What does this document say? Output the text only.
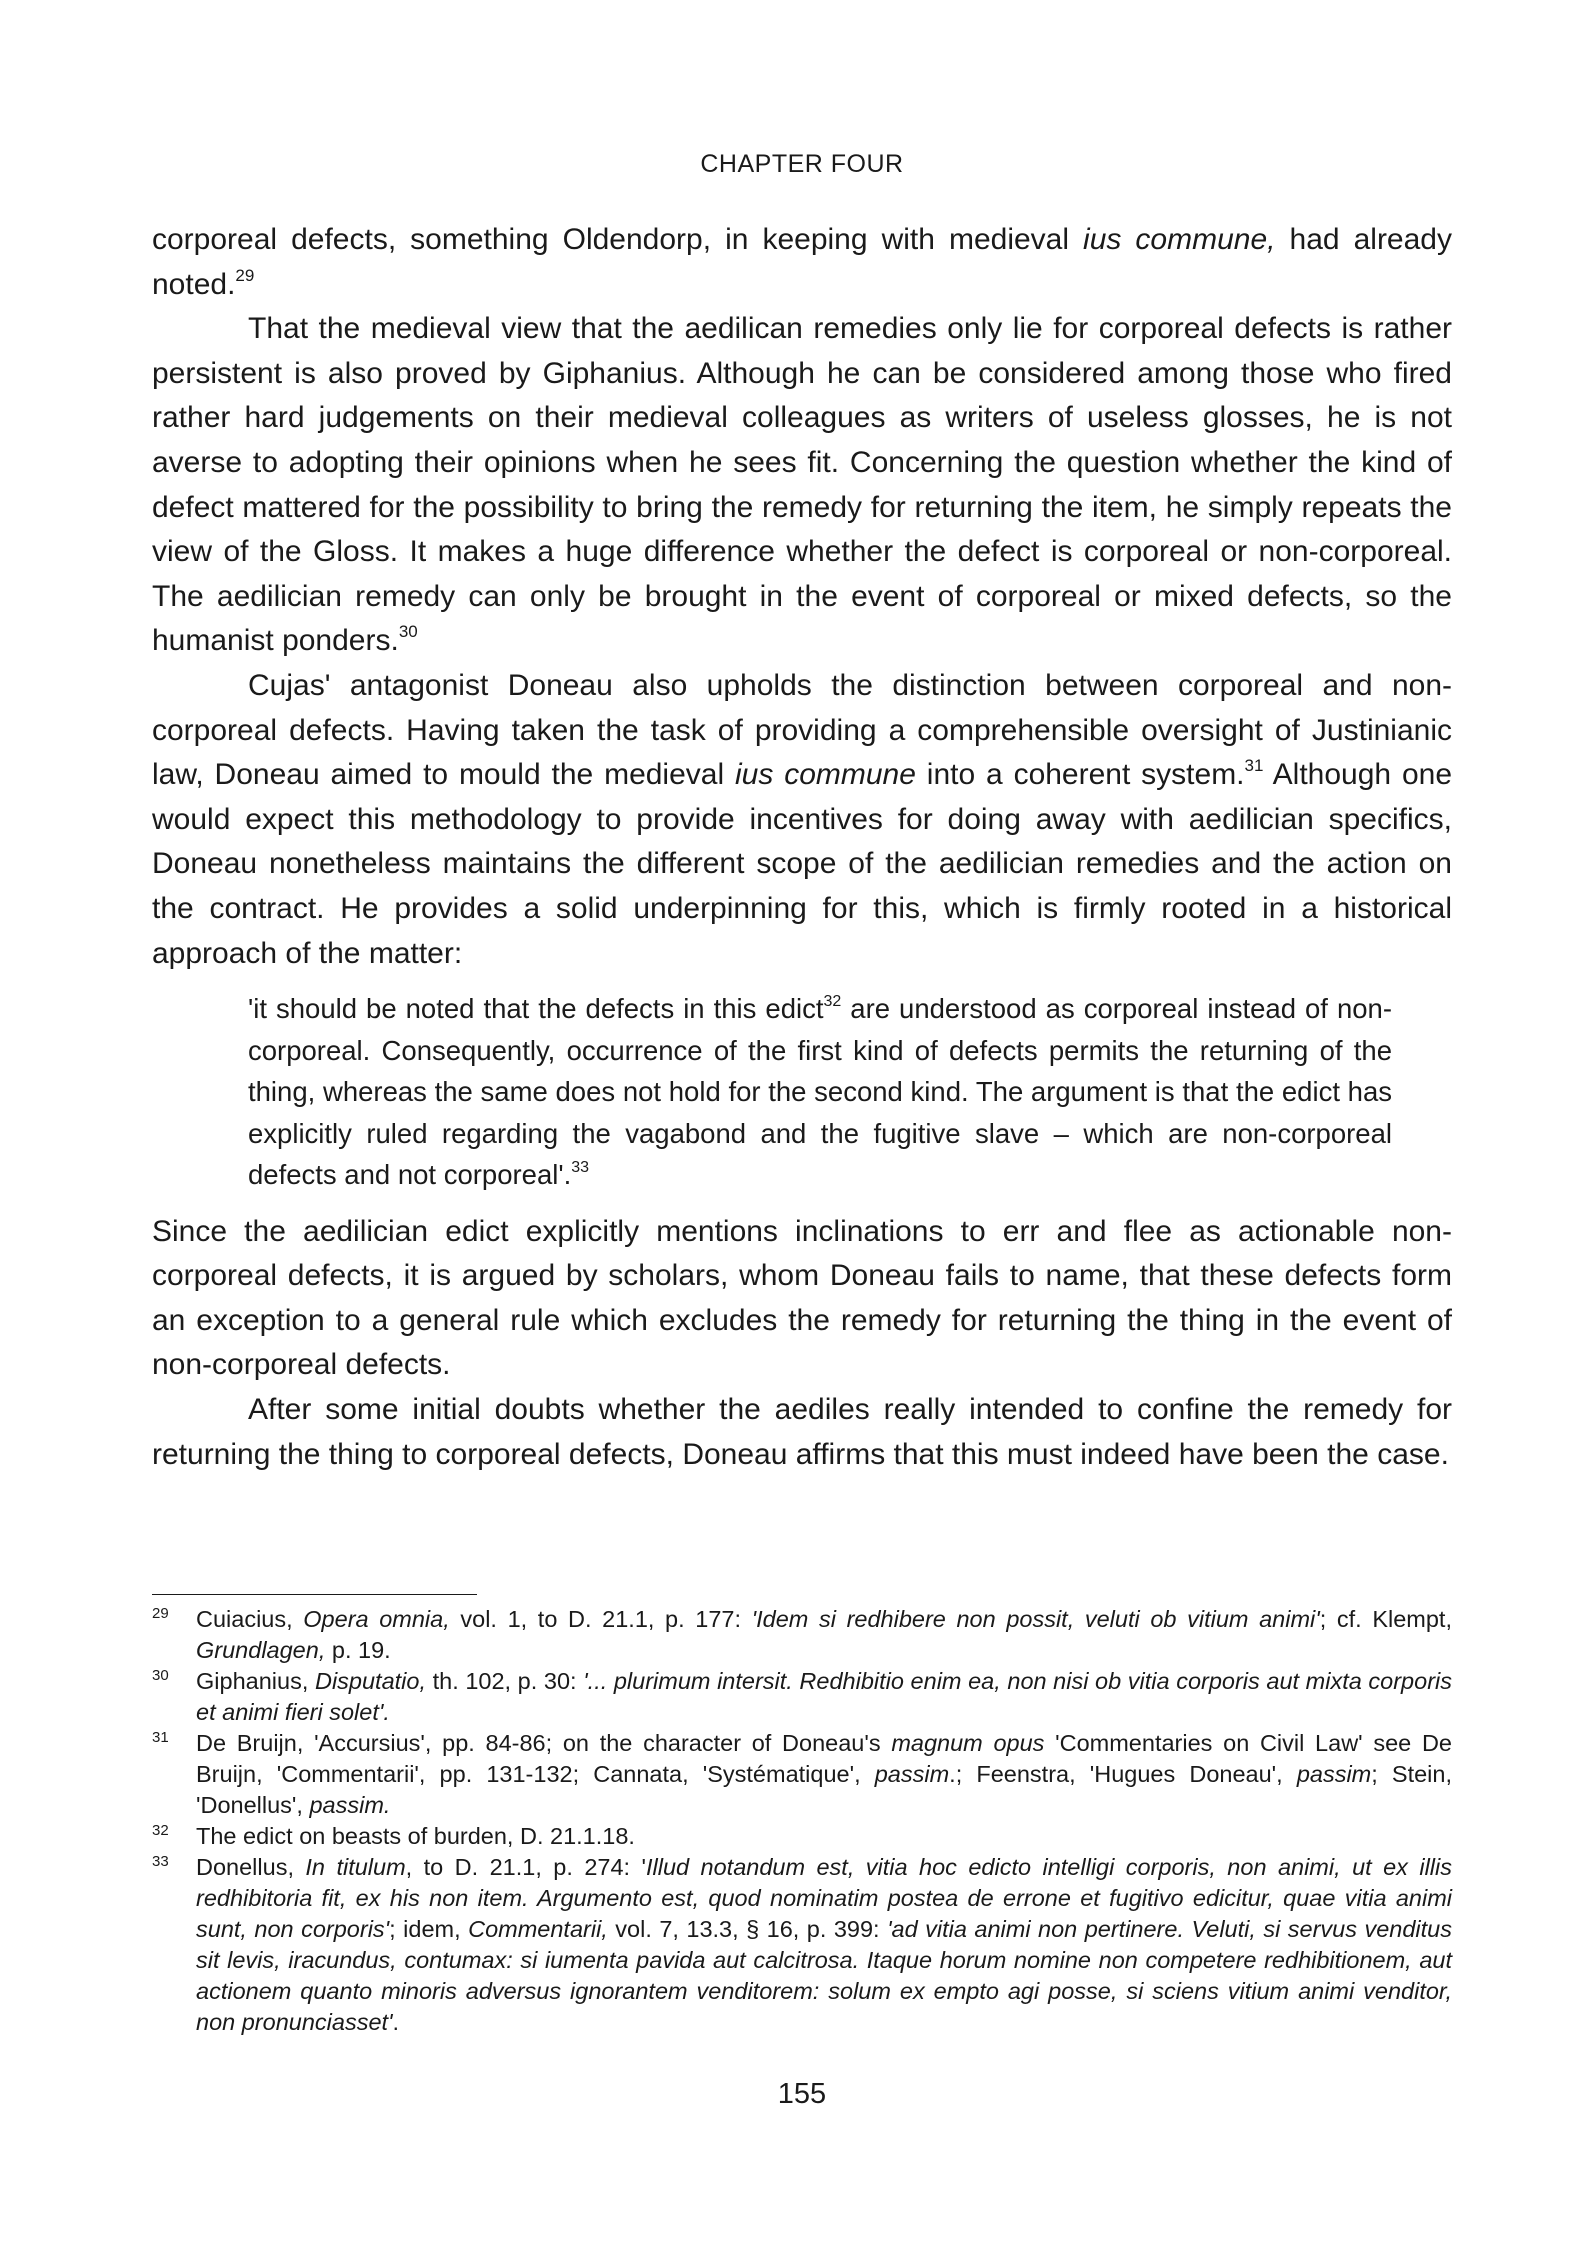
CHAPTER FOUR

corporeal defects, something Oldendorp, in keeping with medieval ius commune, had already noted.$^{29}$

That the medieval view that the aedilican remedies only lie for corporeal defects is rather persistent is also proved by Giphanius. Although he can be considered among those who fired rather hard judgements on their medieval colleagues as writers of useless glosses, he is not averse to adopting their opinions when he sees fit. Concerning the question whether the kind of defect mattered for the possibility to bring the remedy for returning the item, he simply repeats the view of the Gloss. It makes a huge difference whether the defect is corporeal or non-corporeal. The aedilician remedy can only be brought in the event of corporeal or mixed defects, so the humanist ponders.$^{30}$

Cujas' antagonist Doneau also upholds the distinction between corporeal and non-corporeal defects. Having taken the task of providing a comprehensible oversight of Justinianic law, Doneau aimed to mould the medieval ius commune into a coherent system.$^{31}$ Although one would expect this methodology to provide incentives for doing away with aedilician specifics, Doneau nonetheless maintains the different scope of the aedilician remedies and the action on the contract. He provides a solid underpinning for this, which is firmly rooted in a historical approach of the matter:

'it should be noted that the defects in this edict$^{32}$ are understood as corporeal instead of non-corporeal. Consequently, occurrence of the first kind of defects permits the returning of the thing, whereas the same does not hold for the second kind. The argument is that the edict has explicitly ruled regarding the vagabond and the fugitive slave – which are non-corporeal defects and not corporeal'.$^{33}$

Since the aedilician edict explicitly mentions inclinations to err and flee as actionable non-corporeal defects, it is argued by scholars, whom Doneau fails to name, that these defects form an exception to a general rule which excludes the remedy for returning the thing in the event of non-corporeal defects.

After some initial doubts whether the aediles really intended to confine the remedy for returning the thing to corporeal defects, Doneau affirms that this must indeed have been the case.

29 Cuiacius, Opera omnia, vol. 1, to D. 21.1, p. 177: 'Idem si redhibere non possit, veluti ob vitium animi'; cf. Klempt, Grundlagen, p. 19.

30 Giphanius, Disputatio, th. 102, p. 30: '... plurimum intersit. Redhibitio enim ea, non nisi ob vitia corporis aut mixta corporis et animi fieri solet'.

31 De Bruijn, 'Accursius', pp. 84-86; on the character of Doneau's magnum opus 'Commentaries on Civil Law' see De Bruijn, 'Commentarii', pp. 131-132; Cannata, 'Systématique', passim.; Feenstra, 'Hugues Doneau', passim; Stein, 'Donellus', passim.

32 The edict on beasts of burden, D. 21.1.18.

33 Donellus, In titulum, to D. 21.1, p. 274: 'Illud notandum est, vitia hoc edicto intelligi corporis, non animi, ut ex illis redhibitoria fit, ex his non item. Argumento est, quod nominatim postea de errone et fugitivo edicitur, quae vitia animi sunt, non corporis'; idem, Commentarii, vol. 7, 13.3, § 16, p. 399: 'ad vitia animi non pertinere. Veluti, si servus venditus sit levis, iracundus, contumax: si iumenta pavida aut calcitrosa. Itaque horum nomine non competere redhibitionem, aut actionem quanto minoris adversus ignorantem venditorem: solum ex empto agi posse, si sciens vitium animi venditor, non pronunciasset'.

155
